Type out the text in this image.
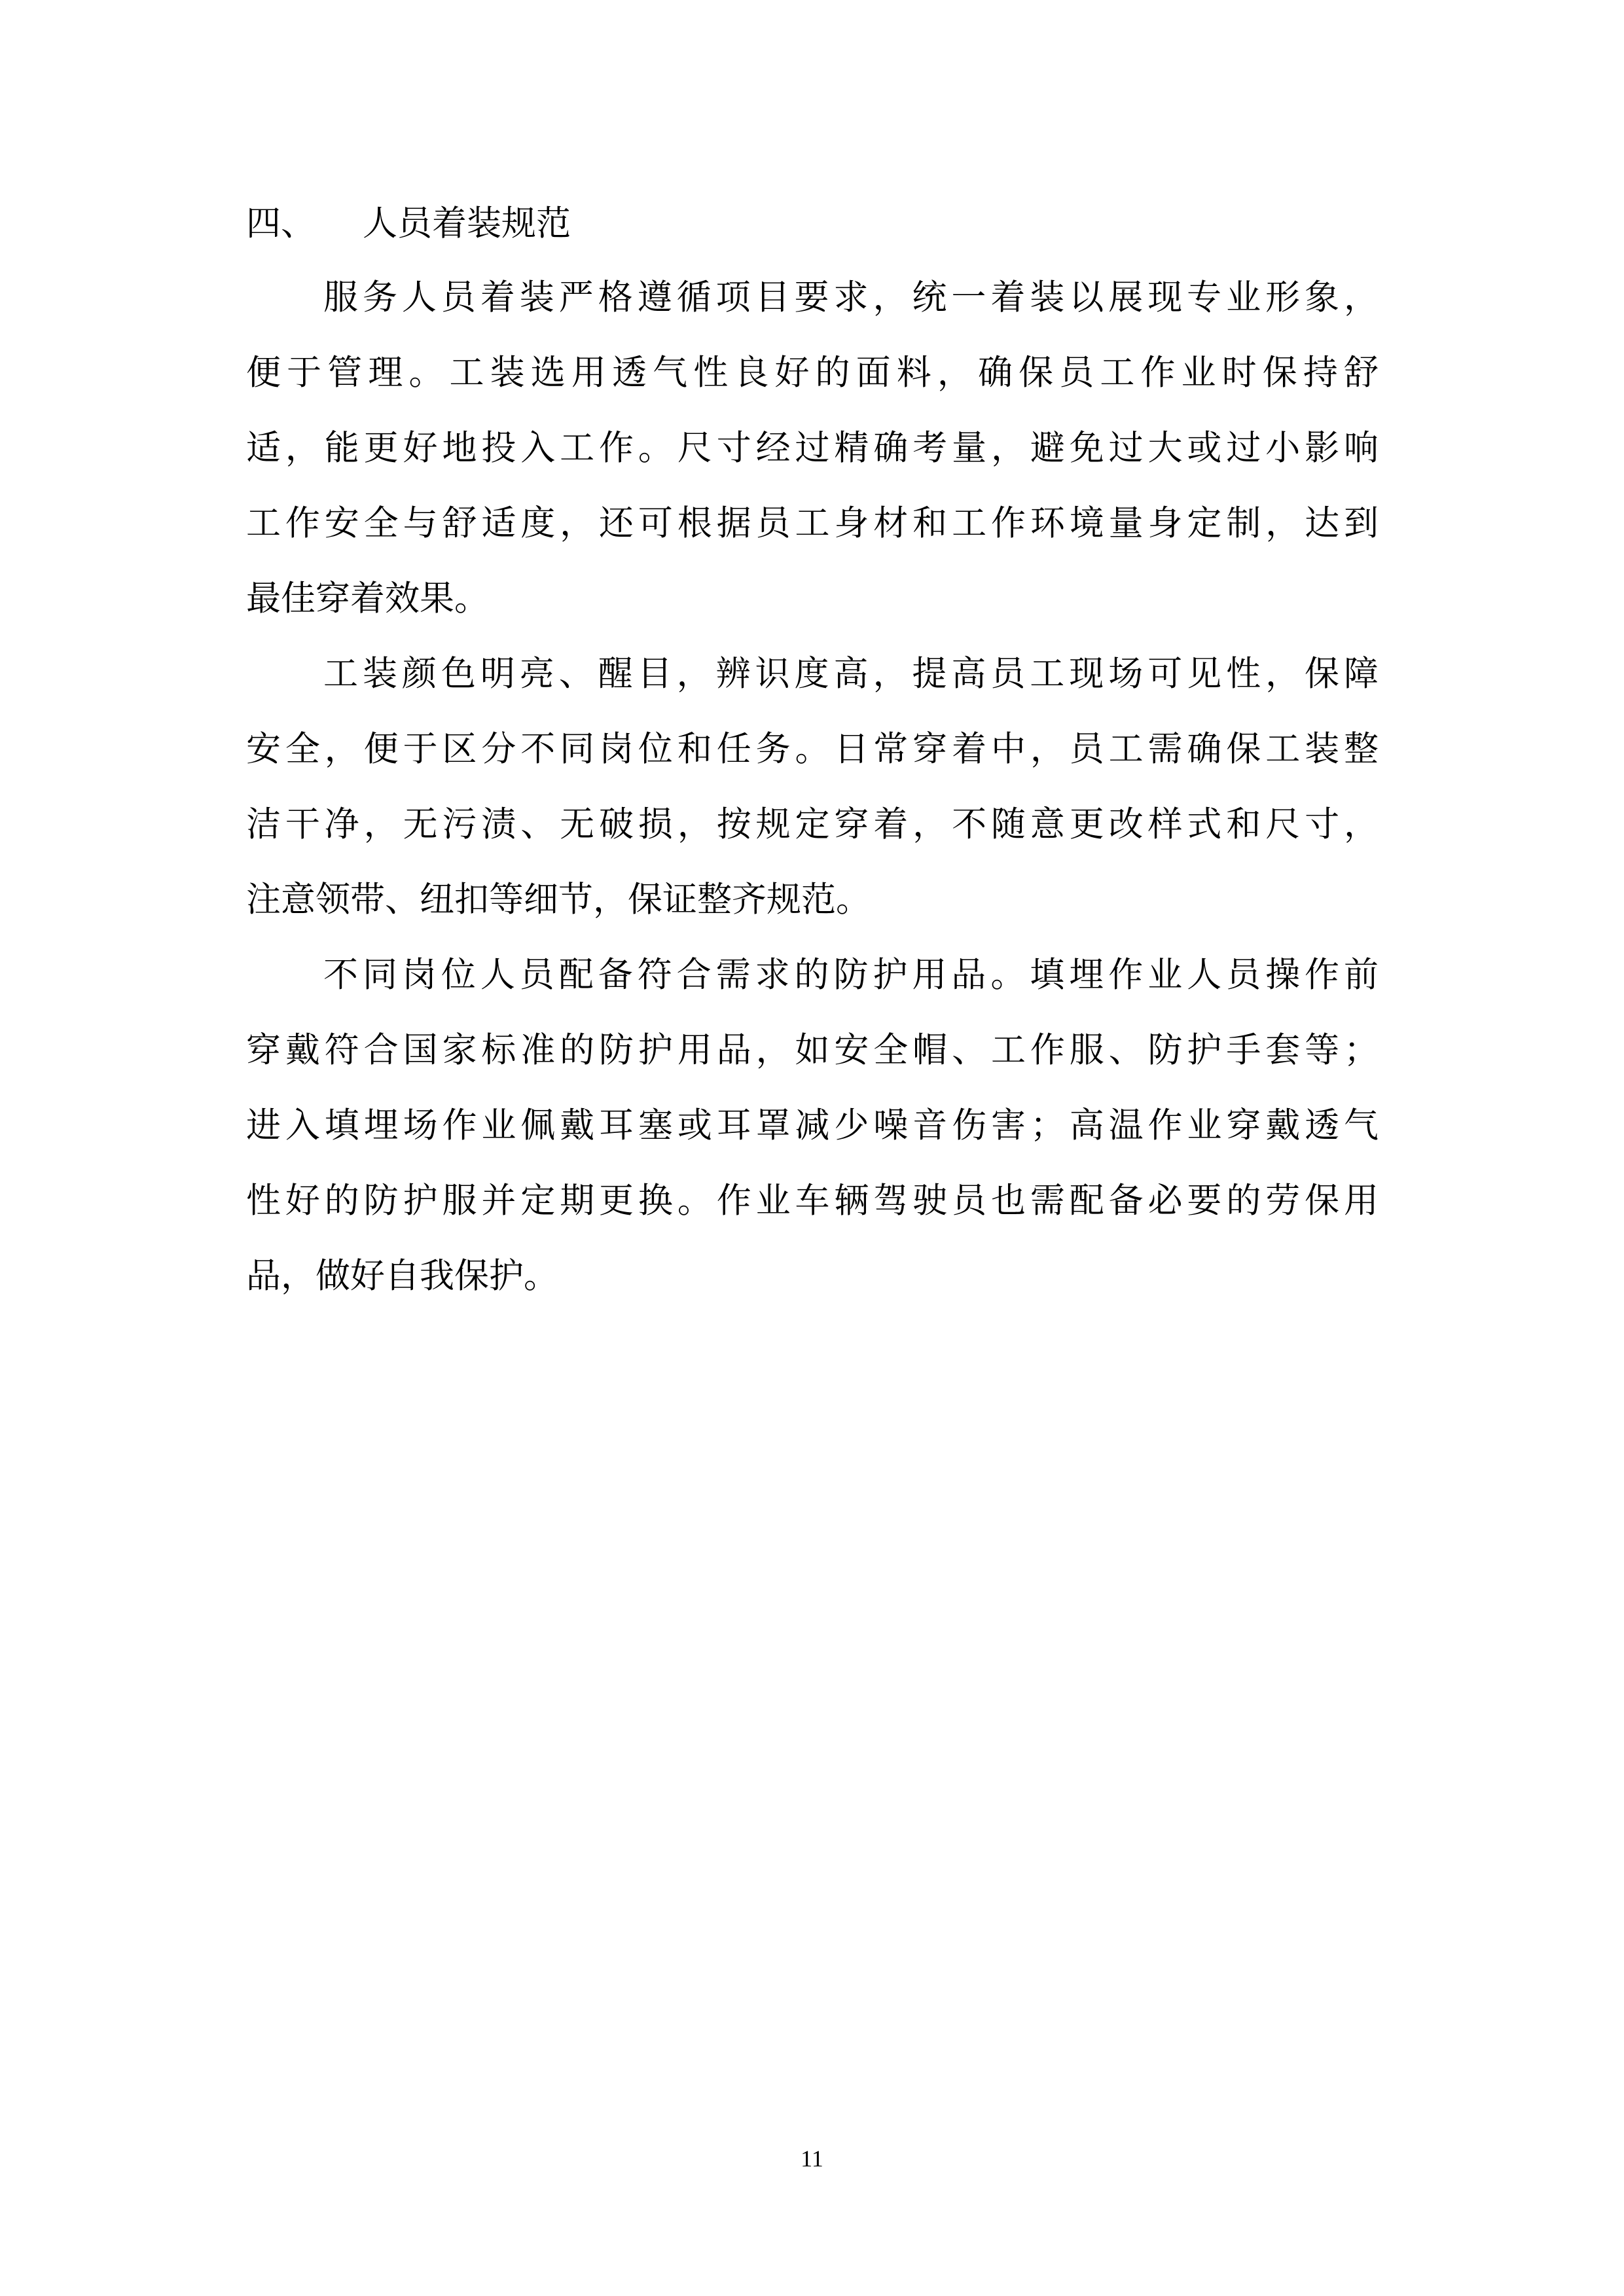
四、 人员着装规范

服务人员着装严格遵循项目要求，统一着装以展现专业形象，
便于管理。工装选用透气性良好的面料，确保员工作业时保持舒
适，能更好地投入工作。尺寸经过精确考量，避免过大或过小影响
工作安全与舒适度，还可根据员工身材和工作环境量身定制，达到
最佳穿着效果。

工装颜色明亮、醒目，辨识度高，提高员工现场可见性，保障
安全，便于区分不同岗位和任务。日常穿着中，员工需确保工装整
洁干净，无污渍、无破损，按规定穿着，不随意更改样式和尺寸，
注意领带、纽扣等细节，保证整齐规范。

不同岗位人员配备符合需求的防护用品。填埋作业人员操作前
穿戴符合国家标准的防护用品，如安全帽、工作服、防护手套等；
进入填埋场作业佩戴耳塞或耳罩减少噪音伤害；高温作业穿戴透气
性好的防护服并定期更换。作业车辆驾驶员也需配备必要的劳保用
品，做好自我保护。

11
